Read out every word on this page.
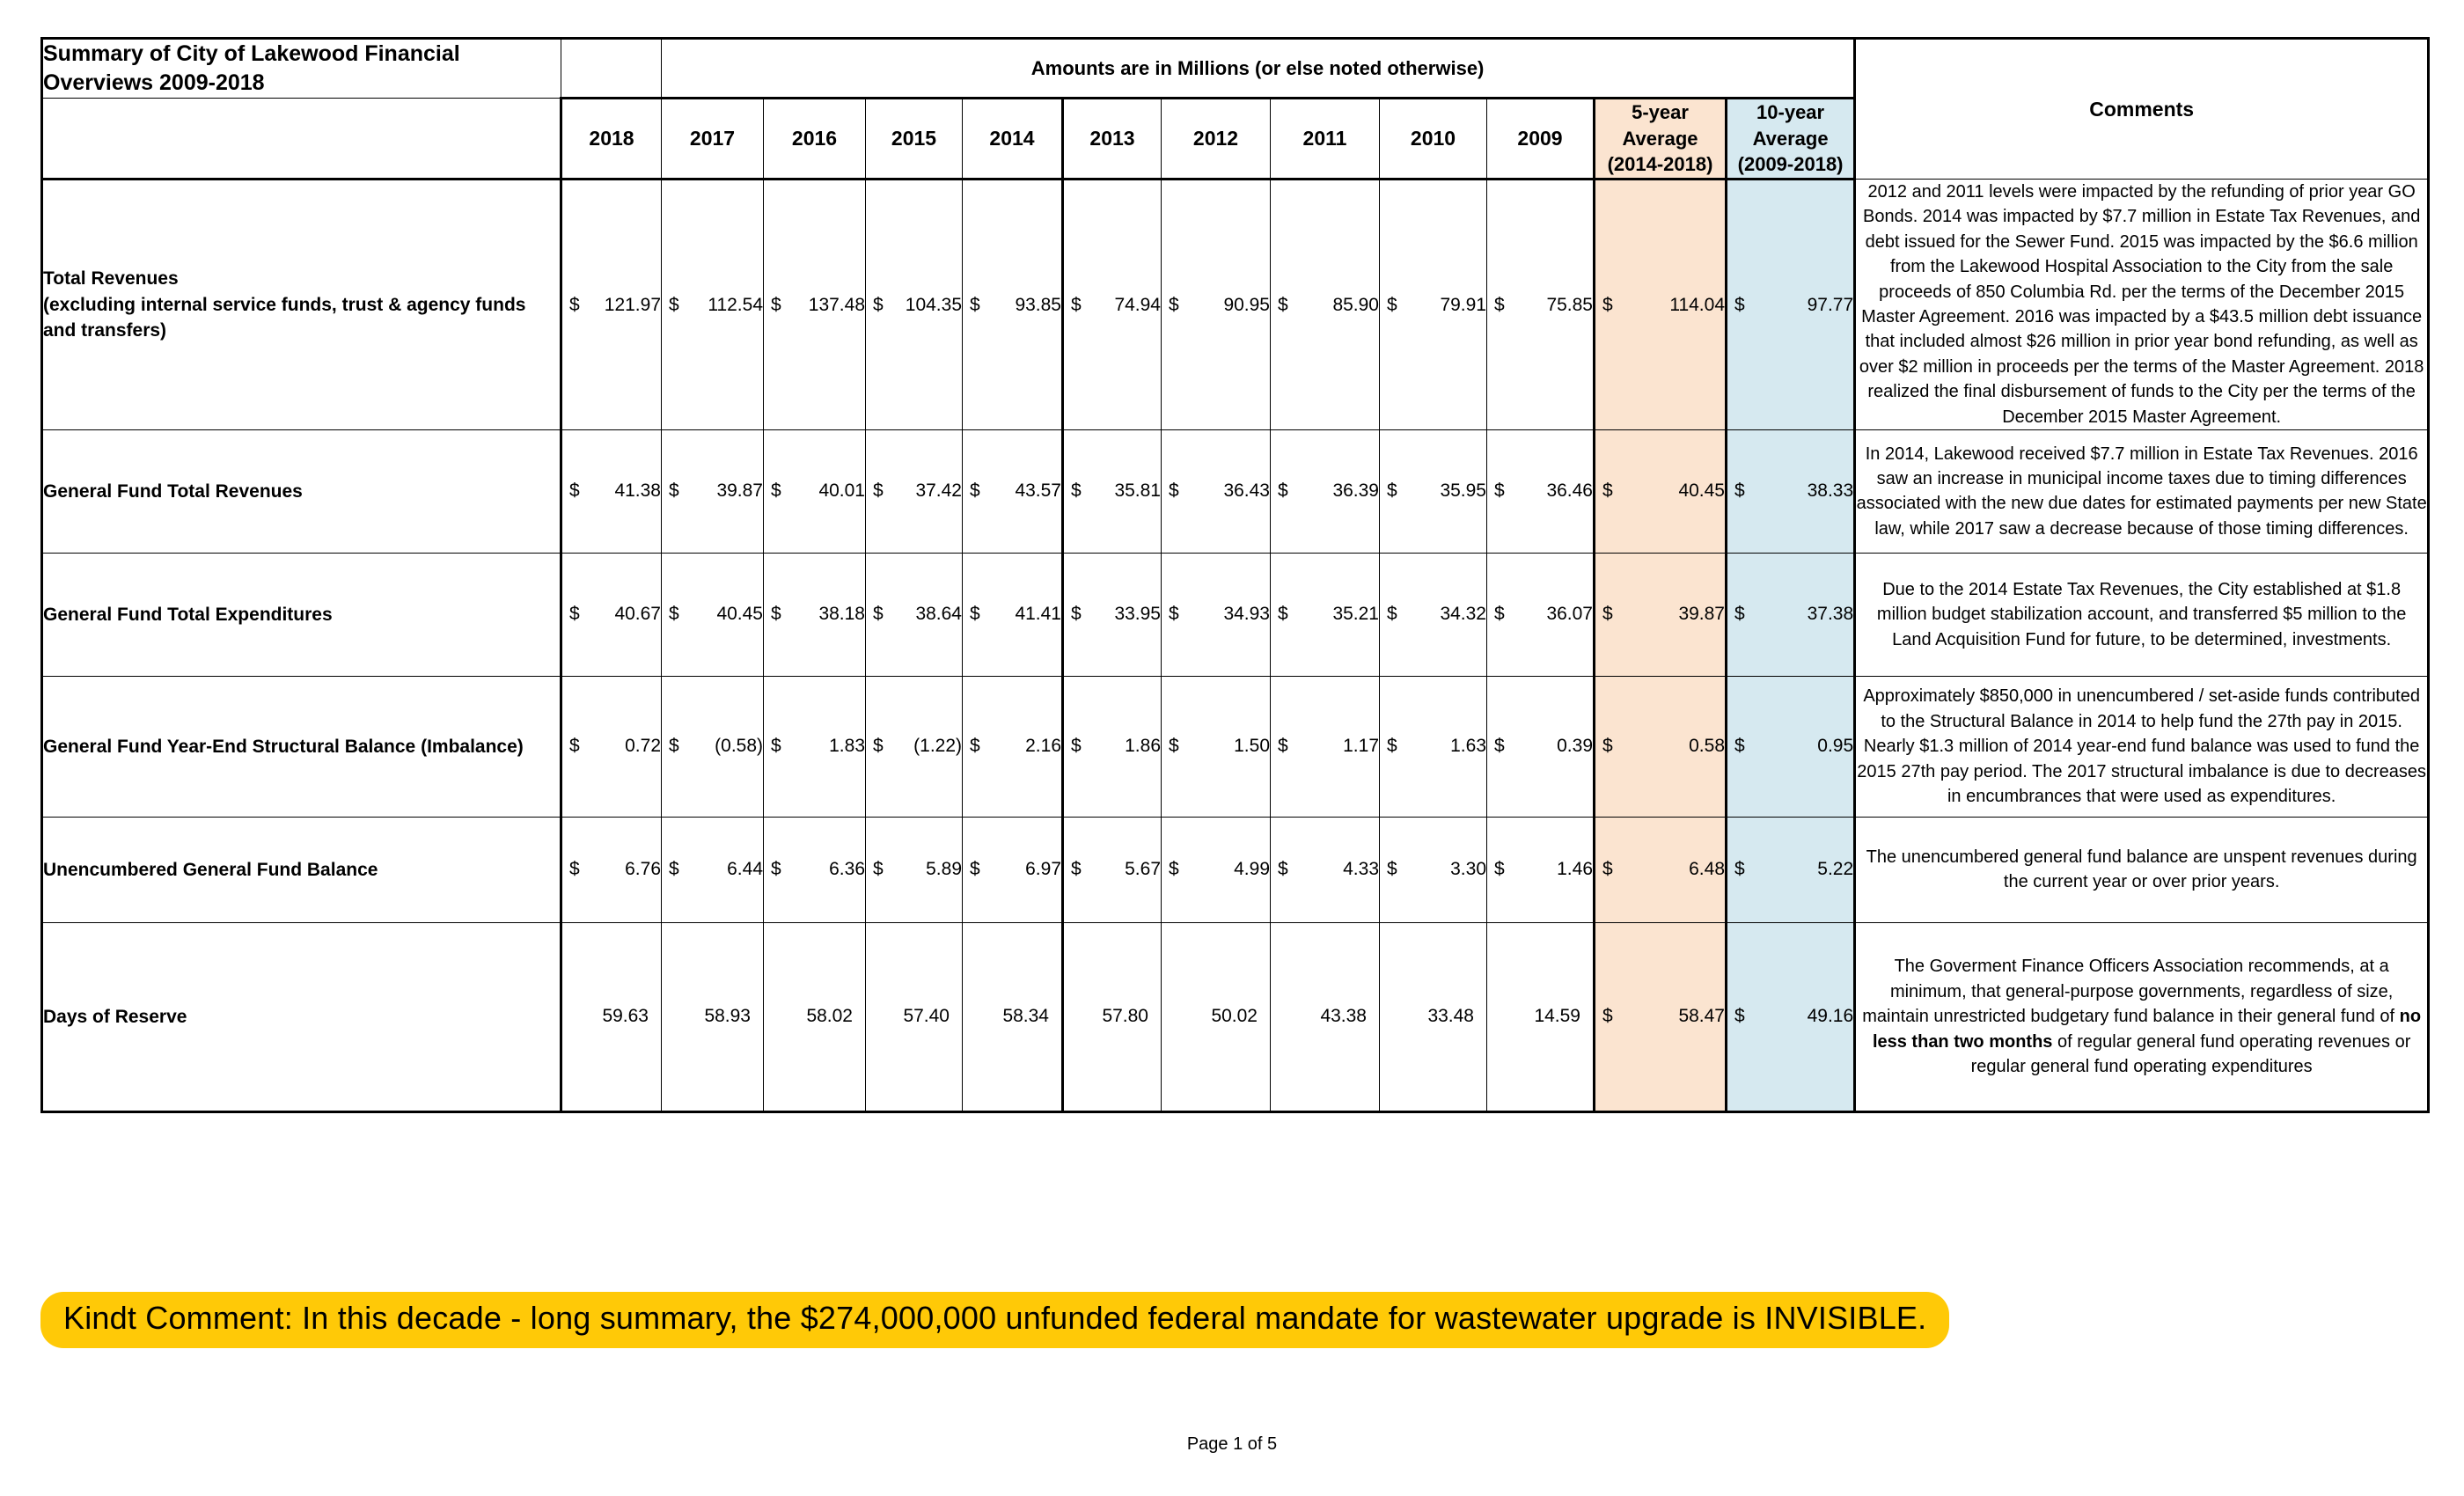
Summary of City of Lakewood Financial Overviews 2009-2018		Amounts are in Millions (or else noted otherwise)											Comments
	2018	2017	2016	2015	2014	2013	2012	2011	2010	2009	5-year
Average
(2014-2018)	10-year
Average
(2009-2018)	
Total Revenues
(excluding internal service funds, trust & agency funds
and transfers)	
$ 121.97	$ 112.54	$ 137.48	$ 104.35	$ 93.85	$ 74.94	$ 90.95	$ 85.90	$ 79.91	$ 75.85	$	114.04	$	97.77	2012 and 2011 levels were impacted by the refunding of prior year GO Bonds. 2014 was impacted by $7.7 million in Estate Tax Revenues, and debt issued for the Sewer Fund. 2015 was impacted by the $6.6 million from the Lakewood Hospital Association to the City from the sale proceeds of 850 Columbia Rd. per the terms of the December 2015 Master Agreement. 2016 was impacted by a $43.5 million debt issuance that included almost $26 million in prior year bond refunding, as well as over $2 million in proceeds per the terms of the Master Agreement. 2018 realized the final disbursement of funds to the City per the terms of the December 2015 Master Agreement.
General Fund Total Revenues	$ 41.38	$ 39.87	$ 40.01	$ 37.42	$ 43.57	$ 35.81	$ 36.43	$ 36.39	$ 35.95	$ 36.46	$ 40.45	$ 38.33	In 2014, Lakewood received $7.7 million in Estate Tax Revenues. 2016 saw an increase in municipal income taxes due to timing differences associated with the new due dates for estimated payments per new State law, while 2017 saw a decrease because of those timing differences.
General Fund Total Expenditures	$ 40.67	$ 40.45	$ 38.18	$ 38.64	$ 41.41	$ 33.95	$ 34.93	$ 35.21	$ 34.32	$ 36.07	$ 39.87	$ 37.38	Due to the 2014 Estate Tax Revenues, the City established at $1.8 million budget stabilization account, and transferred $5 million to the Land Acquisition Fund for future, to be determined, investments.
General Fund Year-End Structural Balance (Imbalance)	$ 0.72	$ (0.58)	$ 1.83	$ (1.22)	$ 2.16	$ 1.86	$ 1.50	$ 1.17	$ 1.63	$ 0.39	$ 0.58	$ 0.95	Approximately $850,000 in unencumbered / set-aside funds contributed to the Structural Balance in 2014 to help fund the 27th pay in 2015. Nearly $1.3 million of 2014 year-end fund balance was used to fund the 2015 27th pay period. The 2017 structural imbalance is due to decreases in encumbrances that were used as expenditures.
Unencumbered General Fund Balance	$ 6.76	$ 6.44	$ 6.36	$ 5.89	$ 6.97	$ 5.67	$ 4.99	$ 4.33	$ 3.30	$ 1.46	$ 6.48	$ 5.22	The unencumbered general fund balance are unspent revenues during the current year or over prior years.
Days of Reserve	59.63	58.93	58.02	57.40	58.34	57.80	50.02	43.38	33.48	14.59	$ 58.47	$ 49.16	The Goverment Finance Officers Association recommends, at a minimum, that general-purpose governments, regardless of size, maintain unrestricted budgetary fund balance in their general fund of no less than two months of regular general fund operating revenues or regular general fund operating expenditures
Kindt Comment: In this decade - long summary, the $274,000,000 unfunded federal mandate for wastewater upgrade is INVISIBLE.
Page 1 of 5
